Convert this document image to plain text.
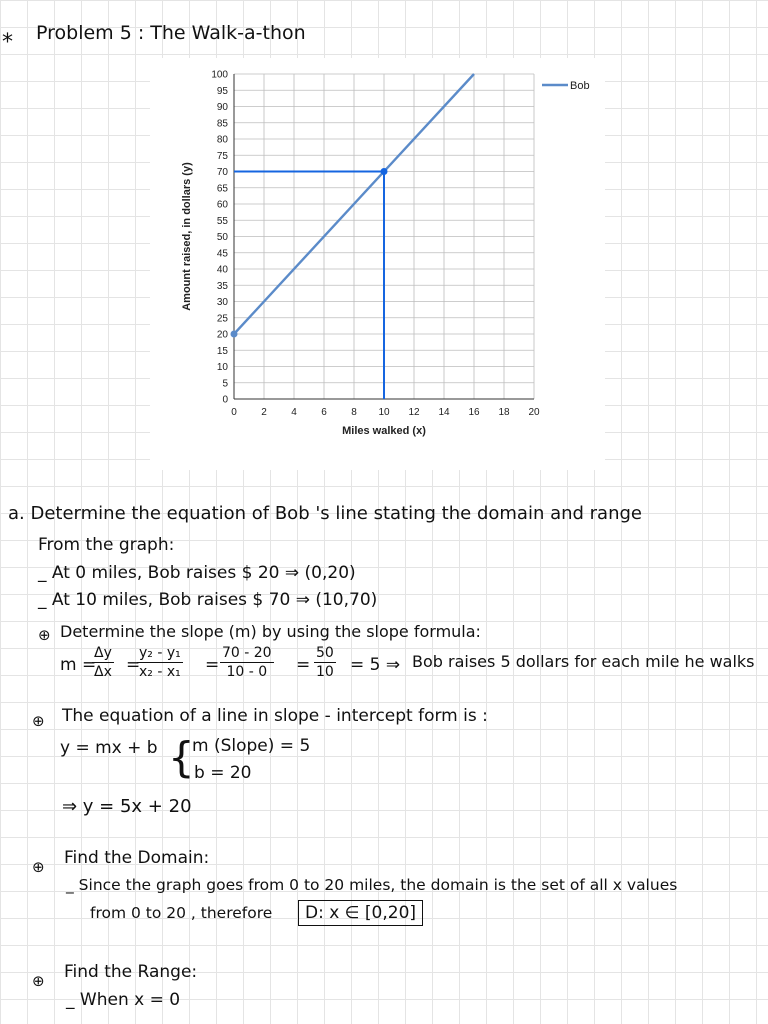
* Problem 5 : The Walk-a-thon
0
5
10
15
20
25
30
35
40
45
50
55
60
65
70
75
80
85
90
95
100
0 2 4 6 8 10 12 14 16 18 20
Miles walked (x)
Amount raised, in dollars (y)
Bob
a. Determine the equation of Bob 's line stating the domain and range
From the graph:
_ At 0 miles, Bob raises $ 20 ⇒ (0,20)
_ At 10 miles, Bob raises $ 70 ⇒ (10,70)
⊕ Determine the slope (m) by using the slope formula:
m =
$\frac{\Delta y}{\Delta x}$ =
$\frac{\text{y₂ - y₁}}{\text{x₂ - x₁}} = \frac{70 - 20}{10 - 0} = \frac{50}{10} = 5$ ⇒ Bob raises 5 dollars for each mile he walks
⊕ The equation of a line in slope - intercept form is :
y = mx + b {
m (Slope) = 5
b = 20
⇒ y = 5x + 20
⊕ Find the Domain:
_ Since the graph goes from 0 to 20 miles, the domain is the set of all x values
from 0 to 20 , therefore	D: x ∈ [0,20]
⊕ Find the Range:
_ When x = 0
